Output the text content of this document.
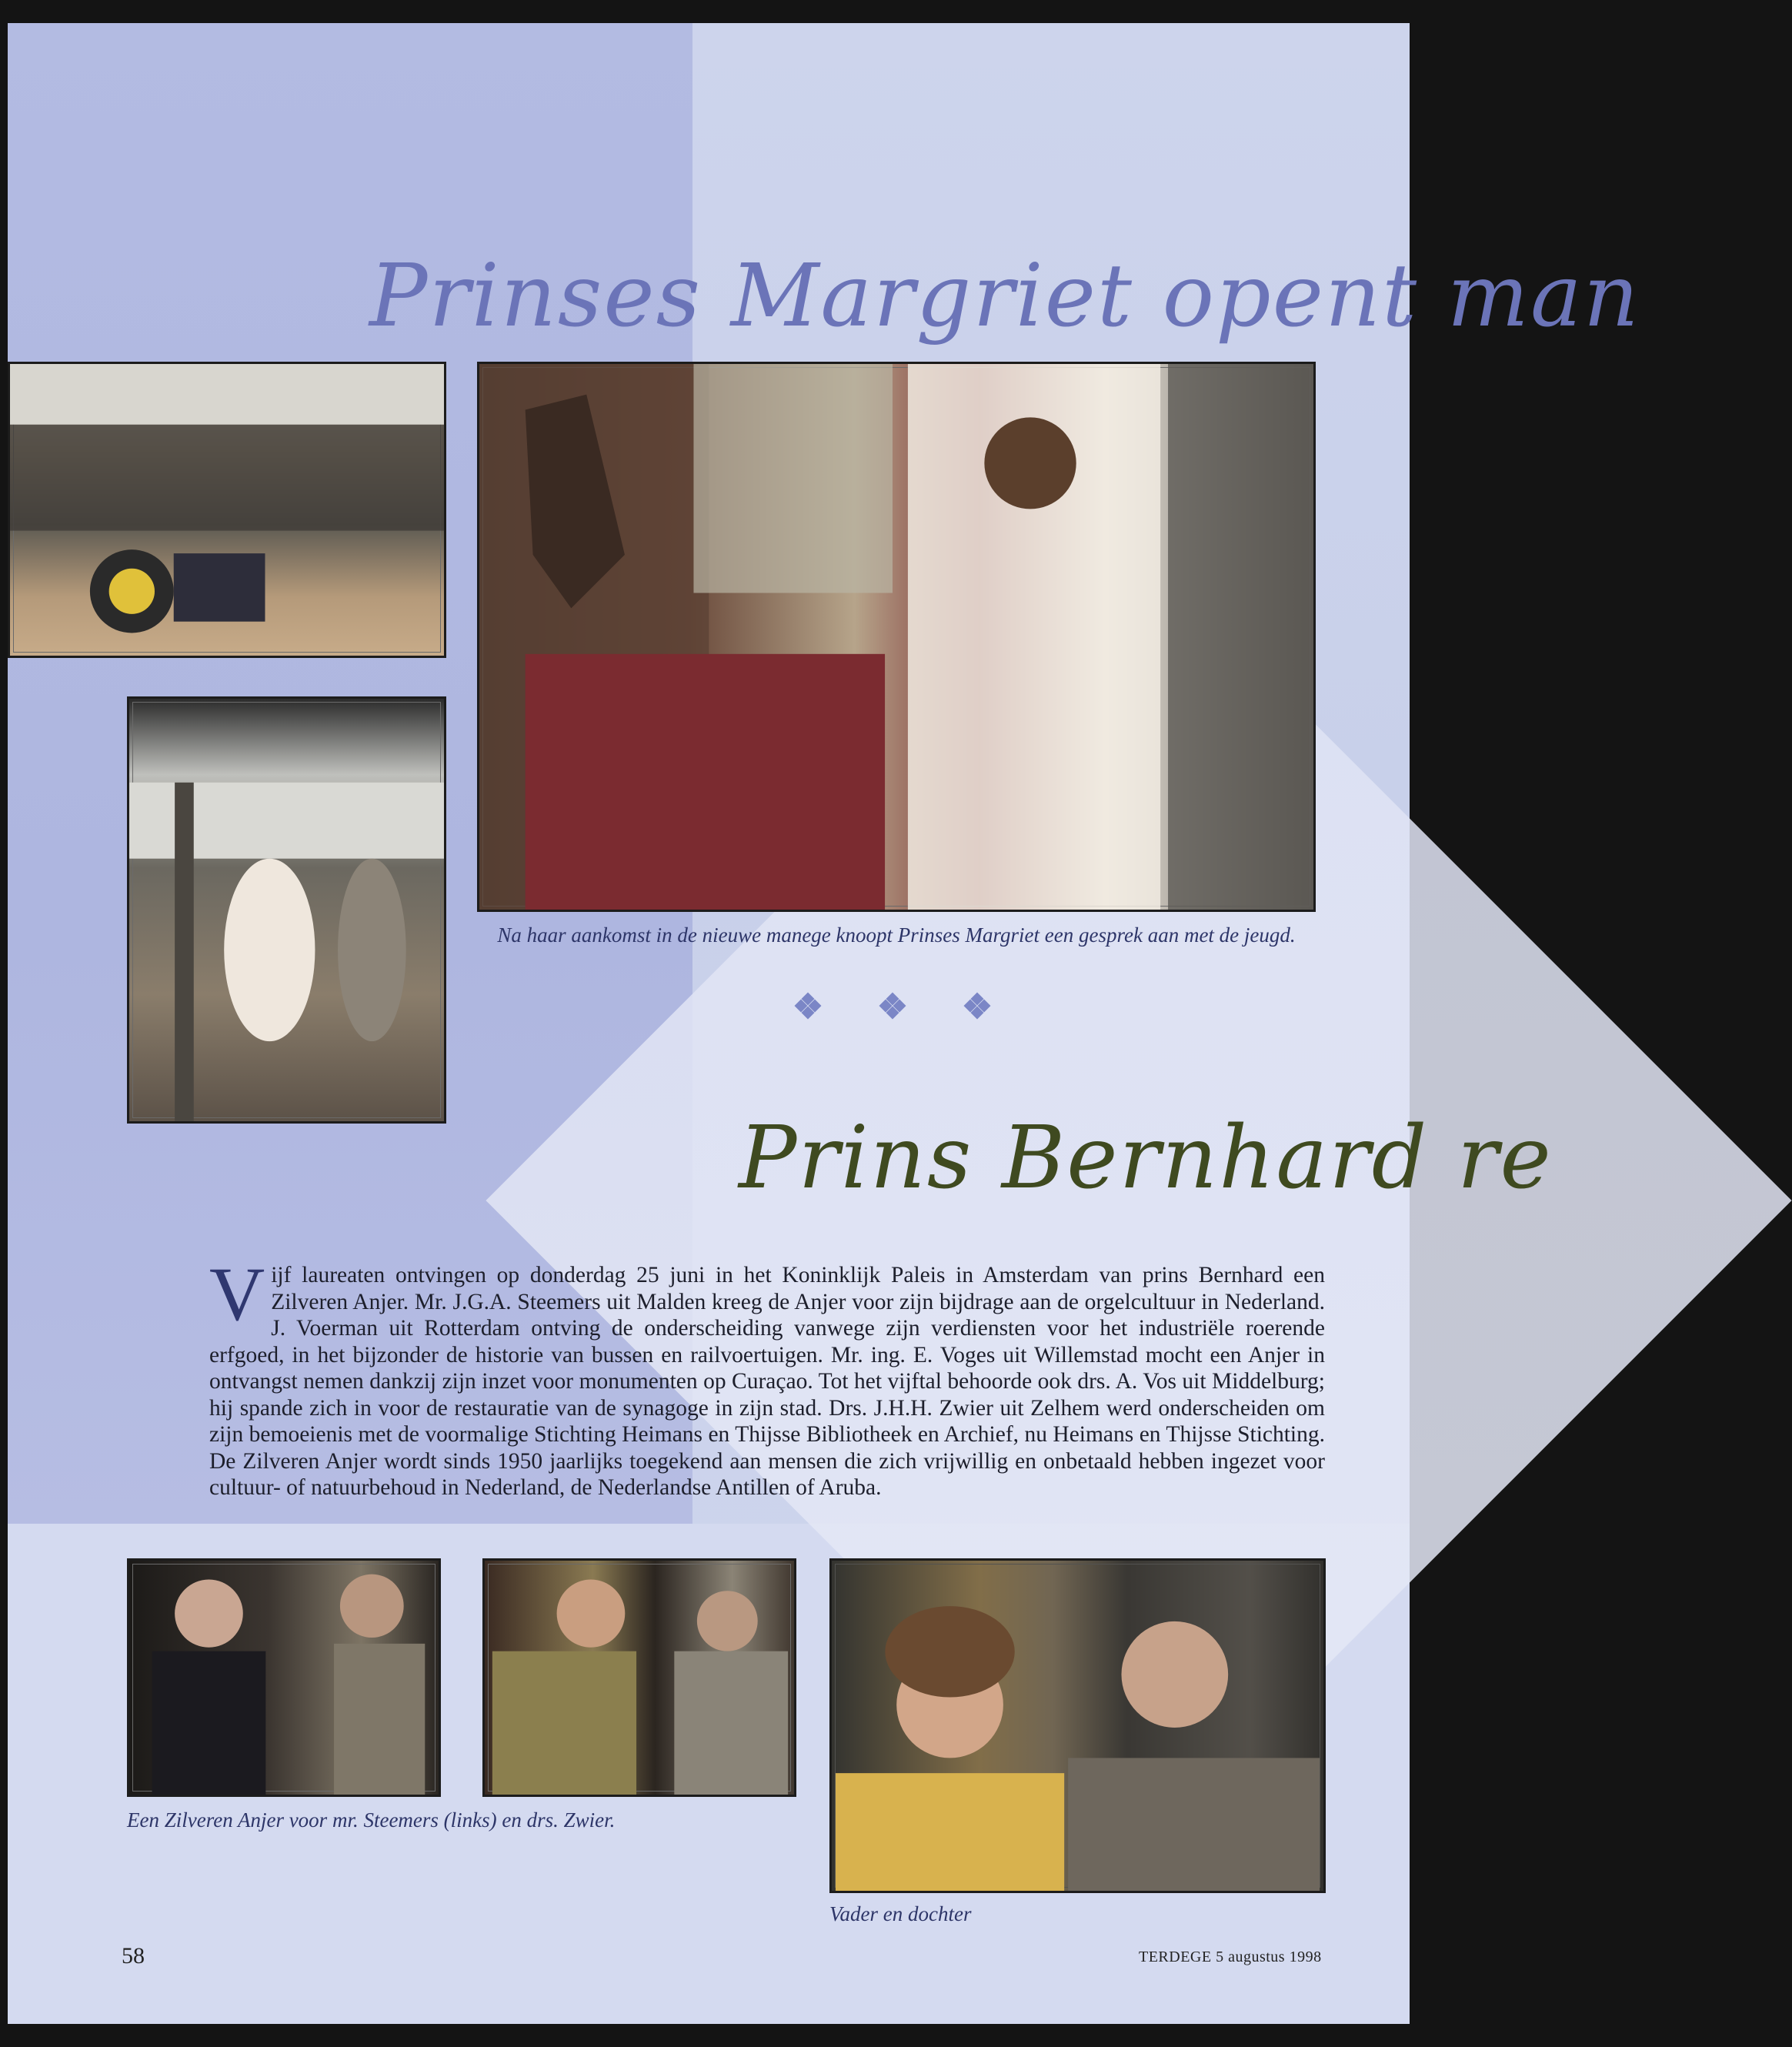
Prinses Margriet opent man

Na haar aankomst in de nieuwe manege knoopt Prinses Margriet een gesprek aan met de jeugd.

Prins Bernhard re
V ijf laureaten ontvingen op donderdag 25 juni in het Koninklijk Paleis in Amsterdam van prins Bernhard een Zilveren Anjer. Mr. J.G.A. Steemers uit Malden kreeg de Anjer voor zijn bijdrage aan de orgelcultuur in Nederland. J. Voerman uit Rotterdam ontving de onderscheiding vanwege zijn verdiensten voor het industriële roerende erfgoed, in het bijzonder de historie van bussen en railvoertuigen. Mr. ing. E. Voges uit Willemstad mocht een Anjer in ontvangst nemen dankzij zijn inzet voor monumenten op Curaçao. Tot het vijftal behoorde ook drs. A. Vos uit Middelburg; hij spande zich in voor de restauratie van de synagoge in zijn stad. Drs. J.H.H. Zwier uit Zelhem werd onderscheiden om zijn bemoeienis met de voormalige Stichting Heimans en Thijsse Bibliotheek en Archief, nu Heimans en Thijsse Stichting. De Zilveren Anjer wordt sinds 1950 jaarlijks toegekend aan mensen die zich vrijwillig en onbetaald hebben ingezet voor cultuur- of natuurbehoud in Nederland, de Nederlandse Antillen of Aruba.

Een Zilveren Anjer voor mr. Steemers (links) en drs. Zwier.

Vader en dochter

58	TERDEGE 5 augustus 1998
